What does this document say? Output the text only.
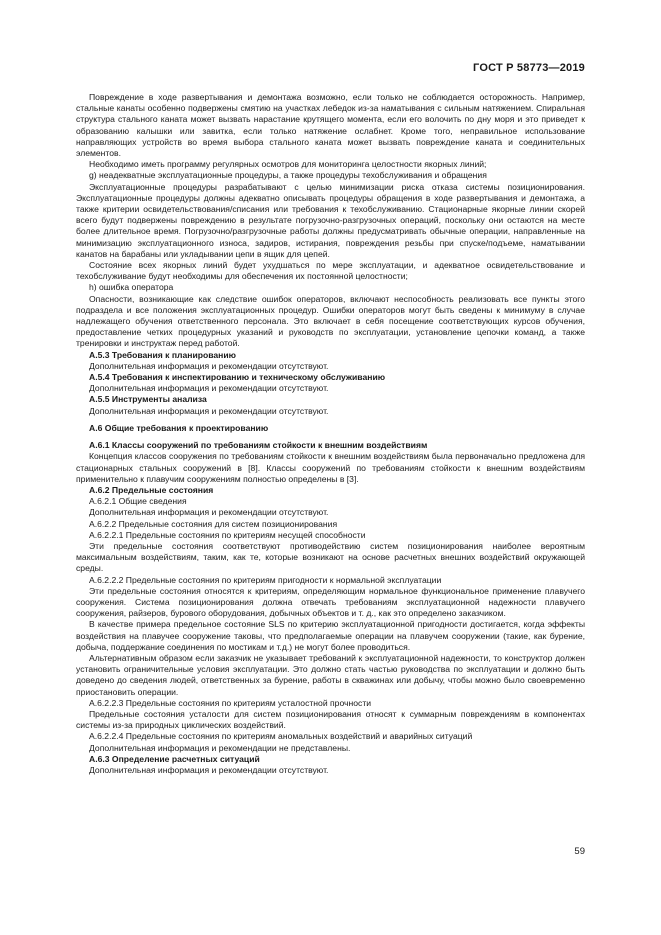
ГОСТ Р 58773—2019

Повреждение в ходе развертывания и демонтажа возможно, если только не соблюдается осторожность. Например, стальные канаты особенно подвержены смятию на участках лебедок из-за наматывания с сильным натяжением. Спиральная структура стального каната может вызвать нарастание крутящего момента, если его волочить по дну моря и это приведет к образованию калышки или завитка, если только натяжение ослабнет. Кроме того, неправильное использование направляющих устройств во время выбора стального каната может вызвать повреждение каната и соединительных элементов.

Необходимо иметь программу регулярных осмотров для мониторинга целостности якорных линий;

g) неадекватные эксплуатационные процедуры, а также процедуры техобслуживания и обращения

Эксплуатационные процедуры разрабатывают с целью минимизации риска отказа системы позиционирования. Эксплуатационные процедуры должны адекватно описывать процедуры обращения в ходе развертывания и демонтажа, а также критерии освидетельствования/списания или требования к техобслуживанию. Стационарные якорные линии скорей всего будут подвержены повреждению в результате погрузочно-разгрузочных операций, поскольку они остаются на месте более длительное время. Погрузочно/разгрузочные работы должны предусматривать обычные операции, направленные на минимизацию эксплуатационного износа, задиров, истирания, повреждения резьбы при спуске/подъеме, наматывании канатов на барабаны или укладывании цепи в ящик для цепей.

Состояние всех якорных линий будет ухудшаться по мере эксплуатации, и адекватное освидетельствование и техобслуживание будут необходимы для обеспечения их постоянной целостности;

h) ошибка оператора

Опасности, возникающие как следствие ошибок операторов, включают неспособность реализовать все пункты этого подраздела и все положения эксплуатационных процедур. Ошибки операторов могут быть сведены к минимуму в случае надлежащего обучения ответственного персонала. Это включает в себя посещение соответствующих курсов обучения, предоставление четких процедурных указаний и руководств по эксплуатации, установление цепочки команд, а также тренировки и инструктаж перед работой.

А.5.3 Требования к планированию

Дополнительная информация и рекомендации отсутствуют.

А.5.4 Требования к инспектированию и техническому обслуживанию

Дополнительная информация и рекомендации отсутствуют.

А.5.5 Инструменты анализа

Дополнительная информация и рекомендации отсутствуют.

А.6 Общие требования к проектированию

А.6.1 Классы сооружений по требованиям стойкости к внешним воздействиям

Концепция классов сооружения по требованиям стойкости к внешним воздействиям была первоначально предложена для стационарных стальных сооружений в [8]. Классы сооружений по требованиям стойкости к внешним воздействиям применительно к плавучим сооружениям полностью определены в [3].

А.6.2 Предельные состояния

А.6.2.1 Общие сведения

Дополнительная информация и рекомендации отсутствуют.

А.6.2.2 Предельные состояния для систем позиционирования

А.6.2.2.1 Предельные состояния по критериям несущей способности

Эти предельные состояния соответствуют противодействию систем позиционирования наиболее вероятным максимальным воздействиям, таким, как те, которые возникают на основе расчетных внешних воздействий окружающей среды.

А.6.2.2.2 Предельные состояния по критериям пригодности к нормальной эксплуатации

Эти предельные состояния относятся к критериям, определяющим нормальное функциональное применение плавучего сооружения. Система позиционирования должна отвечать требованиям эксплуатационной надежности плавучего сооружения, райзеров, бурового оборудования, добычных объектов и т. д., как это определено заказчиком.

В качестве примера предельное состояние SLS по критерию эксплуатационной пригодности достигается, когда эффекты воздействия на плавучее сооружение таковы, что предполагаемые операции на плавучем сооружении (такие, как бурение, добыча, поддержание соединения по мостикам и т.д.) не могут более проводиться.

Альтернативным образом если заказчик не указывает требований к эксплуатационной надежности, то конструктор должен установить ограничительные условия эксплуатации. Это должно стать частью руководства по эксплуатации и должно быть доведено до сведения людей, ответственных за бурение, работы в скважинах или добычу, чтобы можно было своевременно приостановить операции.

А.6.2.2.3 Предельные состояния по критериям усталостной прочности

Предельные состояния усталости для систем позиционирования относят к суммарным повреждениям в компонентах системы из-за природных циклических воздействий.

А.6.2.2.4 Предельные состояния по критериям аномальных воздействий и аварийных ситуаций

Дополнительная информация и рекомендации не представлены.

А.6.3 Определение расчетных ситуаций

Дополнительная информация и рекомендации отсутствуют.

59
